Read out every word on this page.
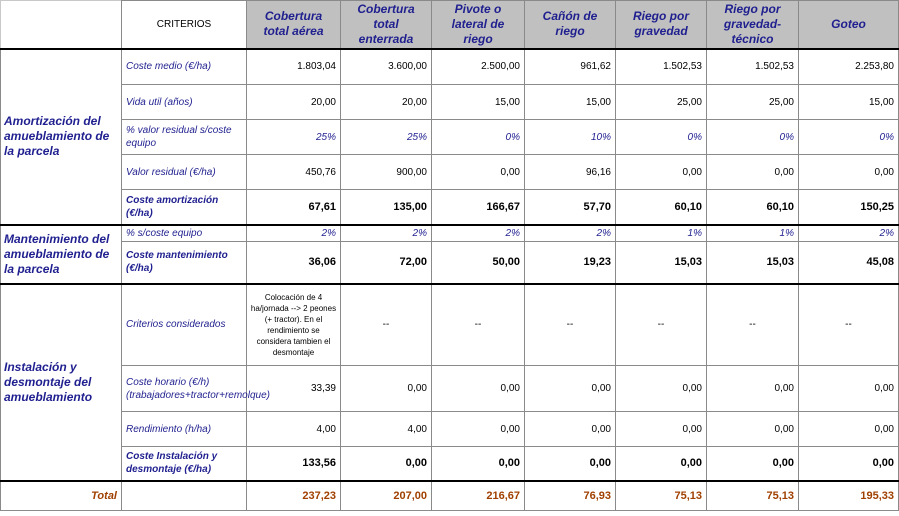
	CRITERIOS	Cobertura total aérea	Cobertura total enterrada	Pivote o lateral de riego	Cañón de riego	Riego por gravedad	Riego por gravedad-técnico	Goteo
Amortización del amueblamiento de la parcela	Coste medio (€/ha)	1.803,04	3.600,00	2.500,00	961,62	1.502,53	1.502,53	2.253,80
	Vida util (años)	20,00	20,00	15,00	15,00	25,00	25,00	15,00
	% valor residual s/coste equipo	25%	25%	0%	10%	0%	0%	0%
	Valor residual (€/ha)	450,76	900,00	0,00	96,16	0,00	0,00	0,00
	Coste amortización (€/ha)	67,61	135,00	166,67	57,70	60,10	60,10	150,25
Mantenimiento del amueblamiento de la parcela	% s/coste equipo	2%	2%	2%	2%	1%	1%	2%
	Coste mantenimiento (€/ha)	36,06	72,00	50,00	19,23	15,03	15,03	45,08
Instalación y desmontaje del amueblamiento	Criterios considerados	Colocación de 4 ha/jornada --> 2 peones (+ tractor). En el rendimiento se considera tambien el desmontaje	--	--	--	--	--	--
	Coste horario (€/h) (trabajadores+tractor+remolque)	33,39	0,00	0,00	0,00	0,00	0,00	0,00
	Rendimiento (h/ha)	4,00	4,00	0,00	0,00	0,00	0,00	0,00
	Coste Instalación y desmontaje (€/ha)	133,56	0,00	0,00	0,00	0,00	0,00	0,00
Total		237,23	207,00	216,67	76,93	75,13	75,13	195,33
